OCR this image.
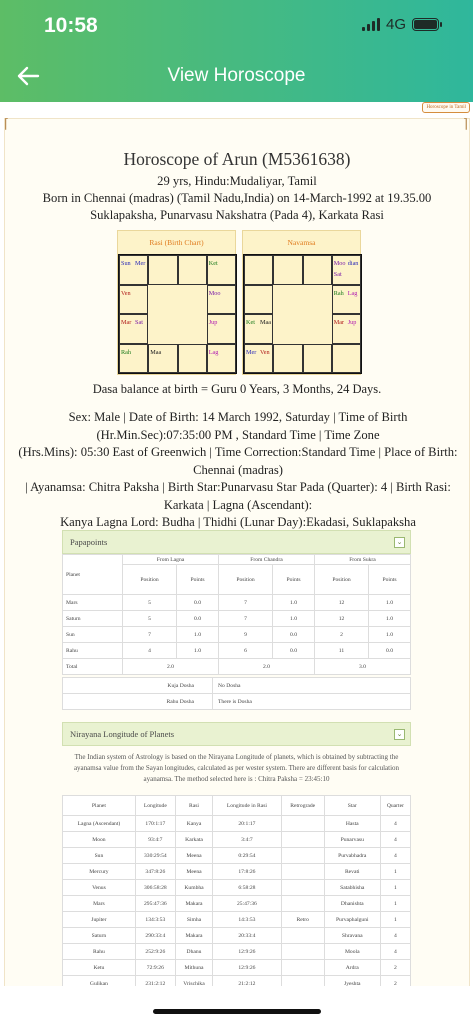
10:58	4G
View Horoscope
Horoscope in Tamil
⌈	⌉
Horoscope of Arun (M5361638)
29 yrs, Hindu:Mudaliyar, Tamil
Born in Chennai (madras) (Tamil Nadu,India) on 14-March-1992 at 19.35.00
Suklapaksha, Punarvasu Nakshatra (Pada 4), Karkata Rasi
Rasi (Birth Chart)
Sun Mer	Ket
Ven	Moo
Mar Sat	Jup
Rah	Maa	Lag
Navamsa
Moo dian
Sat
Rah Lag
Ket Maa	Mar Jup
Mer Ven
Dasa balance at birth = Guru 0 Years, 3 Months, 24 Days.
Sex: Male | Date of Birth: 14 March 1992, Saturday | Time of Birth
(Hr.Min.Sec):07:35:00 PM , Standard Time | Time Zone
(Hrs.Mins): 05:30 East of Greenwich | Time Correction:Standard Time | Place of Birth:
Chennai (madras)
| Ayanamsa: Chitra Paksha | Birth Star:Punarvasu Star Pada (Quarter): 4 | Birth Rasi:
Karkata | Lagna (Ascendant):
Kanya Lagna Lord: Budha | Thidhi (Lunar Day):Ekadasi, Suklapaksha
Papapoints	⌄
Planet	From Lagna		From Chandra		From Sukra	
	Position	Points	Position	Points	Position	Points
Mars	5	0.0	7	1.0	12	1.0
Saturn	5	0.0	7	1.0	12	1.0
Sun	7	1.0	9	0.0	2	1.0
Rahu	4	1.0	6	0.0	11	0.0
Total	2.0		2.0		3.0	
Kuja Dosha	No Dosha
Rahu Dosha	There is Dosha
Nirayana Longitude of Planets	⌄
The Indian system of Astrology is based on the Nirayana Longitude of planets, which is obtained by subtracting the ayanamsa value from the Sayan longitudes, calculated as per wester system. There are different basis for calculation ayanamsa. The method selected here is : Chitra Paksha = 23:45:10
Planet	Longitude	Rasi	Longitude in Rasi	Retrograde	Star	Quarter
Lagna (Ascendant)	170:1:17	Kanya	20:1:17		Hasta	4
Moon	93:4:7	Karkata	3:4:7		Punarvasu	4
Sun	330:29:54	Meena	0:29:54		Purvabhadra	4
Mercury	347:8:26	Meena	17:8:26		Revati	1
Venus	306:58:28	Kumbha	6:58:28		Satabhisha	1
Mars	295:47:36	Makara	25:47:36		Dhanishta	1
Jupiter	134:3:53	Simha	14:3:53	Retro	Purvaphalguni	1
Saturn	290:33:4	Makara	20:33:4		Shravana	4
Rahu	252:9:26	Dhanu	12:9:26		Moola	4
Ketu	72:9:26	Mithuna	12:9:26		Ardra	2
Gulikan	231:2:12	Vrischika	21:2:12		Jyeshta	2
